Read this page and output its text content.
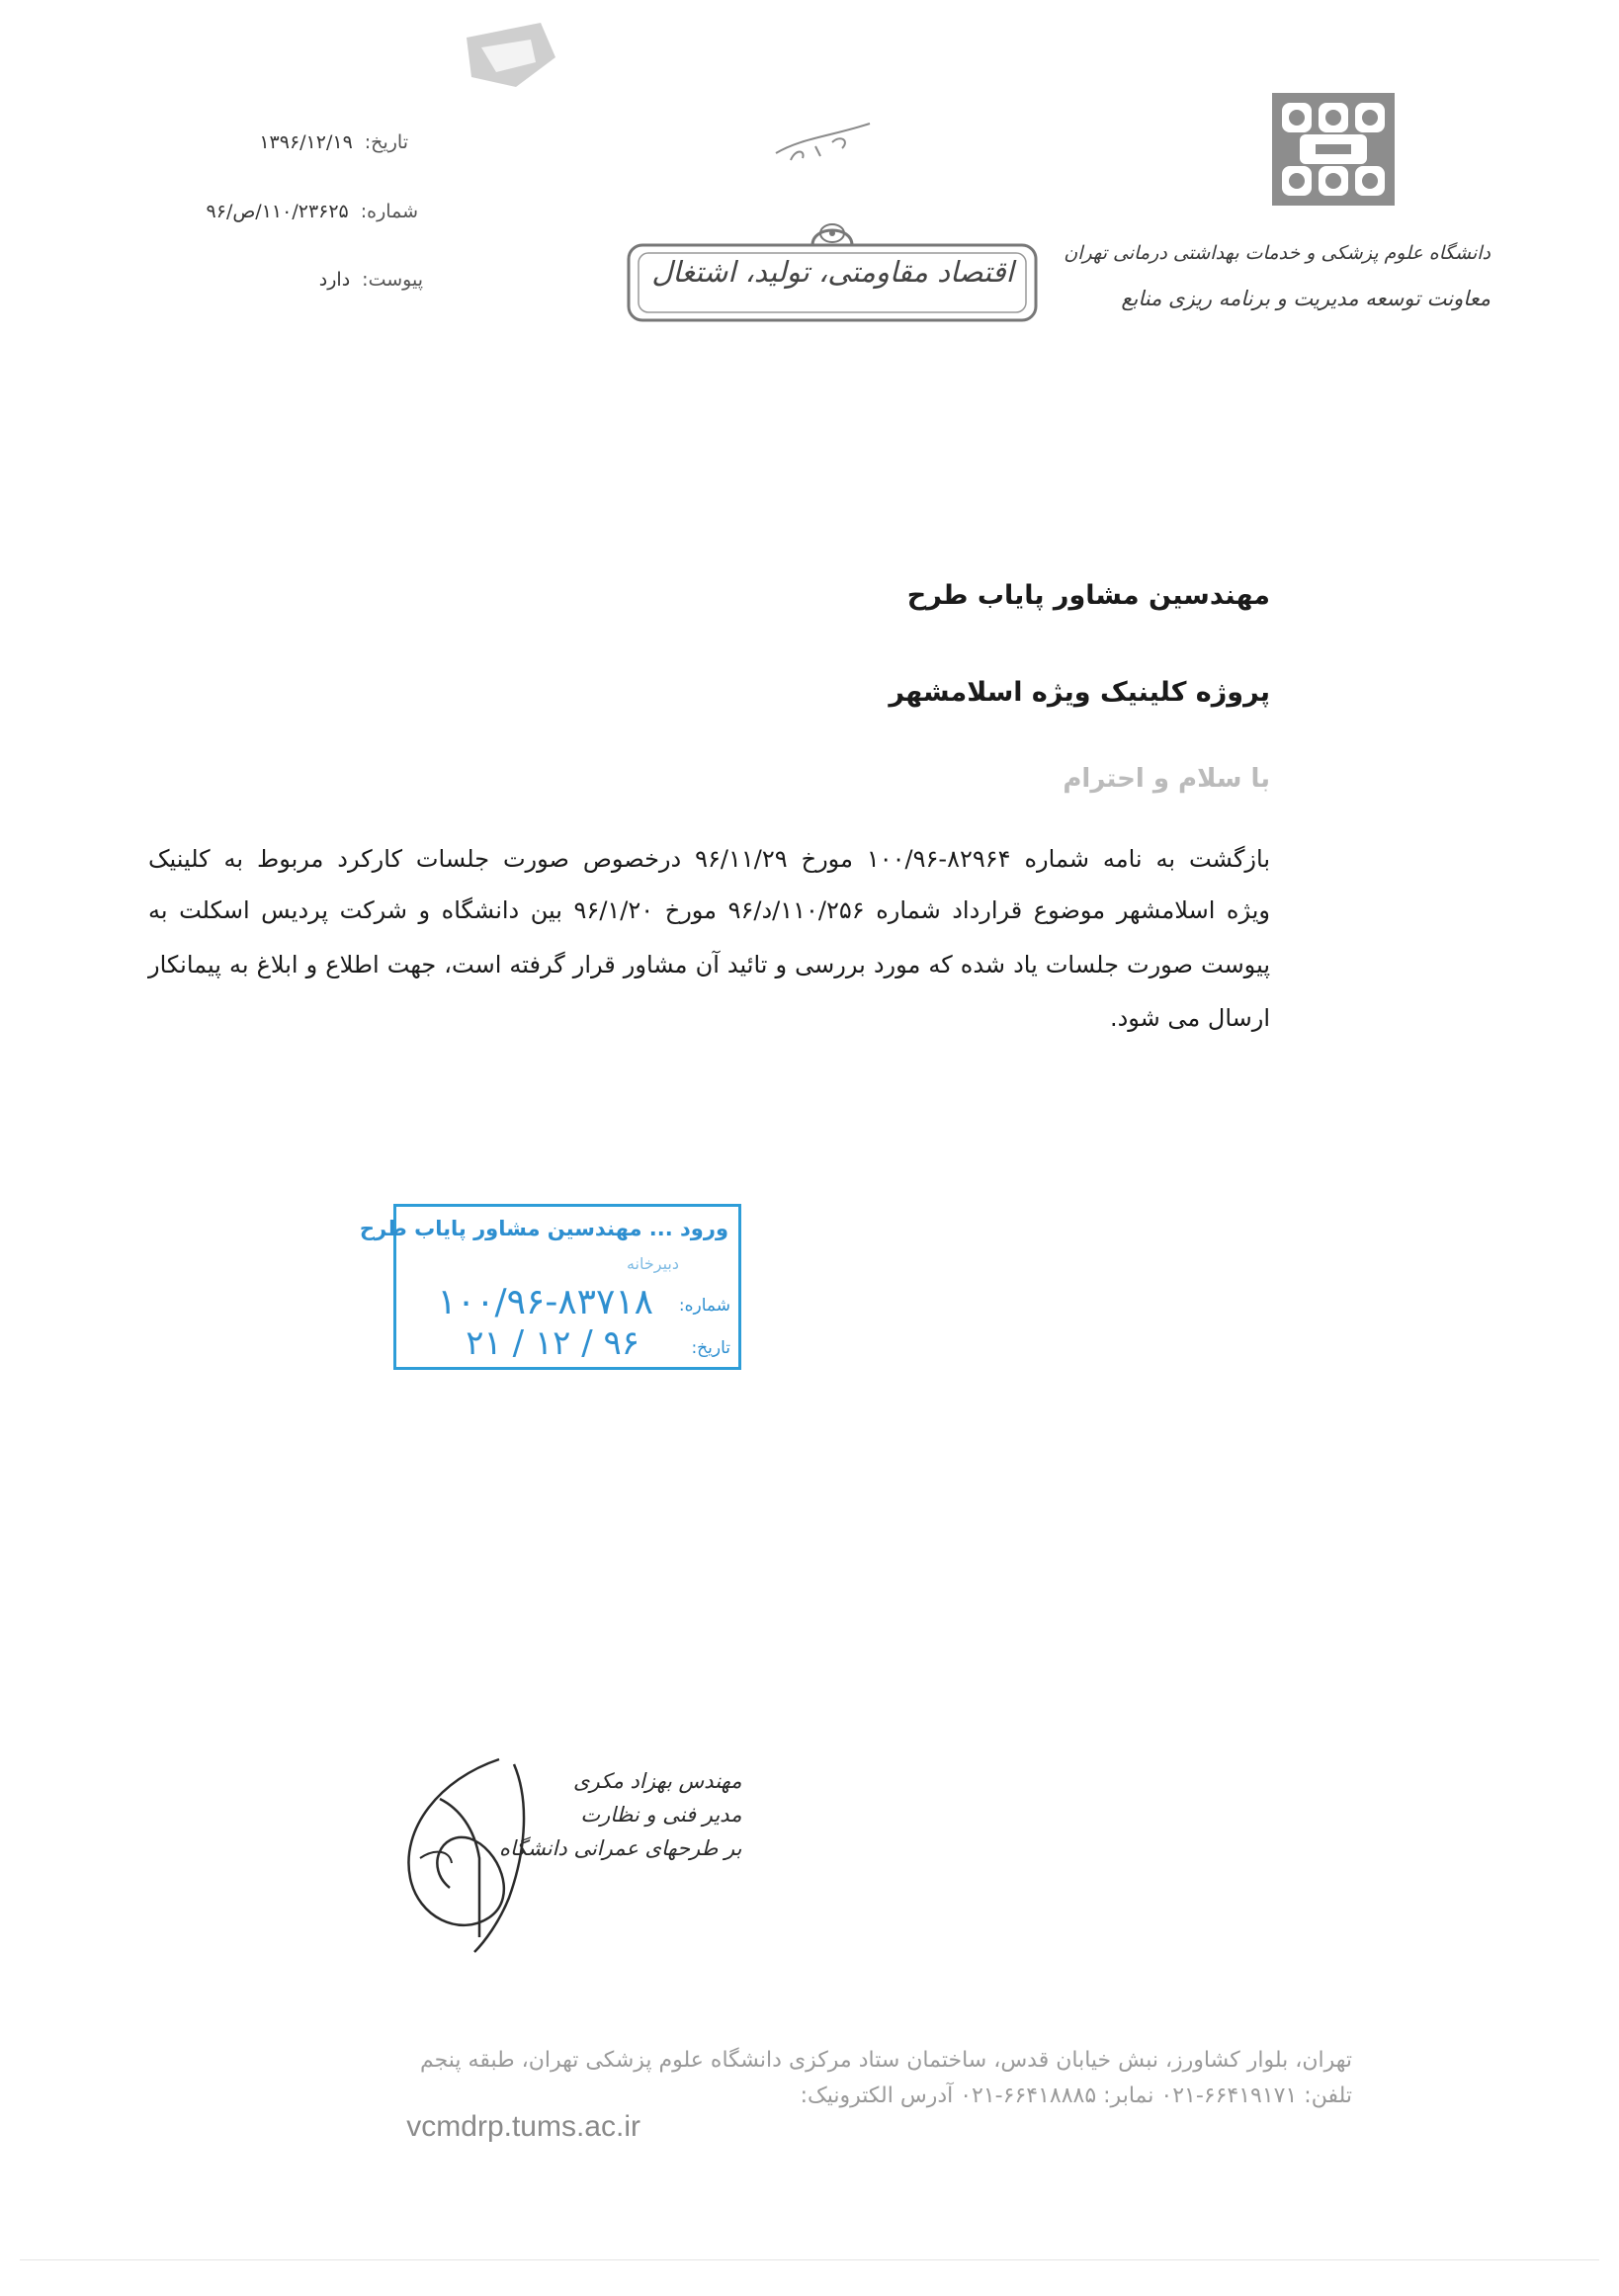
دانشگاه علوم پزشکی و خدمات بهداشتی درمانی تهران
معاونت توسعه مدیریت و برنامه ریزی منابع
تاریخ:۱۳۹۶/۱۲/۱۹
شماره:۱۱۰/۲۳۶۲۵/ص/۹۶
پیوست:دارد	اقتصاد مقاومتی، تولید، اشتغال
مهندسین مشاور پایاب طرح
پروژه کلینیک ویژه اسلامشهر
با سلام و احترام
بازگشت به نامه شماره ۸۲۹۶۴-۱۰۰/۹۶ مورخ ۹۶/۱۱/۲۹ درخصوص صورت جلسات کارکرد مربوط به کلینیک
ویژه اسلامشهر موضوع قرارداد شماره ۱۱۰/۲۵۶/د/۹۶ مورخ ۹۶/۱/۲۰ بین دانشگاه و شرکت پردیس اسکلت به
پیوست صورت جلسات یاد شده که مورد بررسی و تائید آن مشاور قرار گرفته است، جهت اطلاع و ابلاغ به پیمانکار
ارسال می شود.
ورود ... مهندسین مشاور پایاب طرح
دبیرخانه
شماره:
۱۰۰/۹۶-۸۳۷۱۸
تاریخ:
۹۶ / ۱۲ / ۲۱
مهندس بهزاد مکری
مدیر فنی و نظارت
بر طرحهای عمرانی دانشگاه
تهران، بلوار کشاورز، نبش خیابان قدس، ساختمان ستاد مرکزی دانشگاه علوم پزشکی تهران، طبقه پنجم
تلفن: ۶۶۴۱۹۱۷۱-۰۲۱ نمابر: ۶۶۴۱۸۸۸۵-۰۲۱ آدرس الکترونیک:
vcmdrp.tums.ac.ir
